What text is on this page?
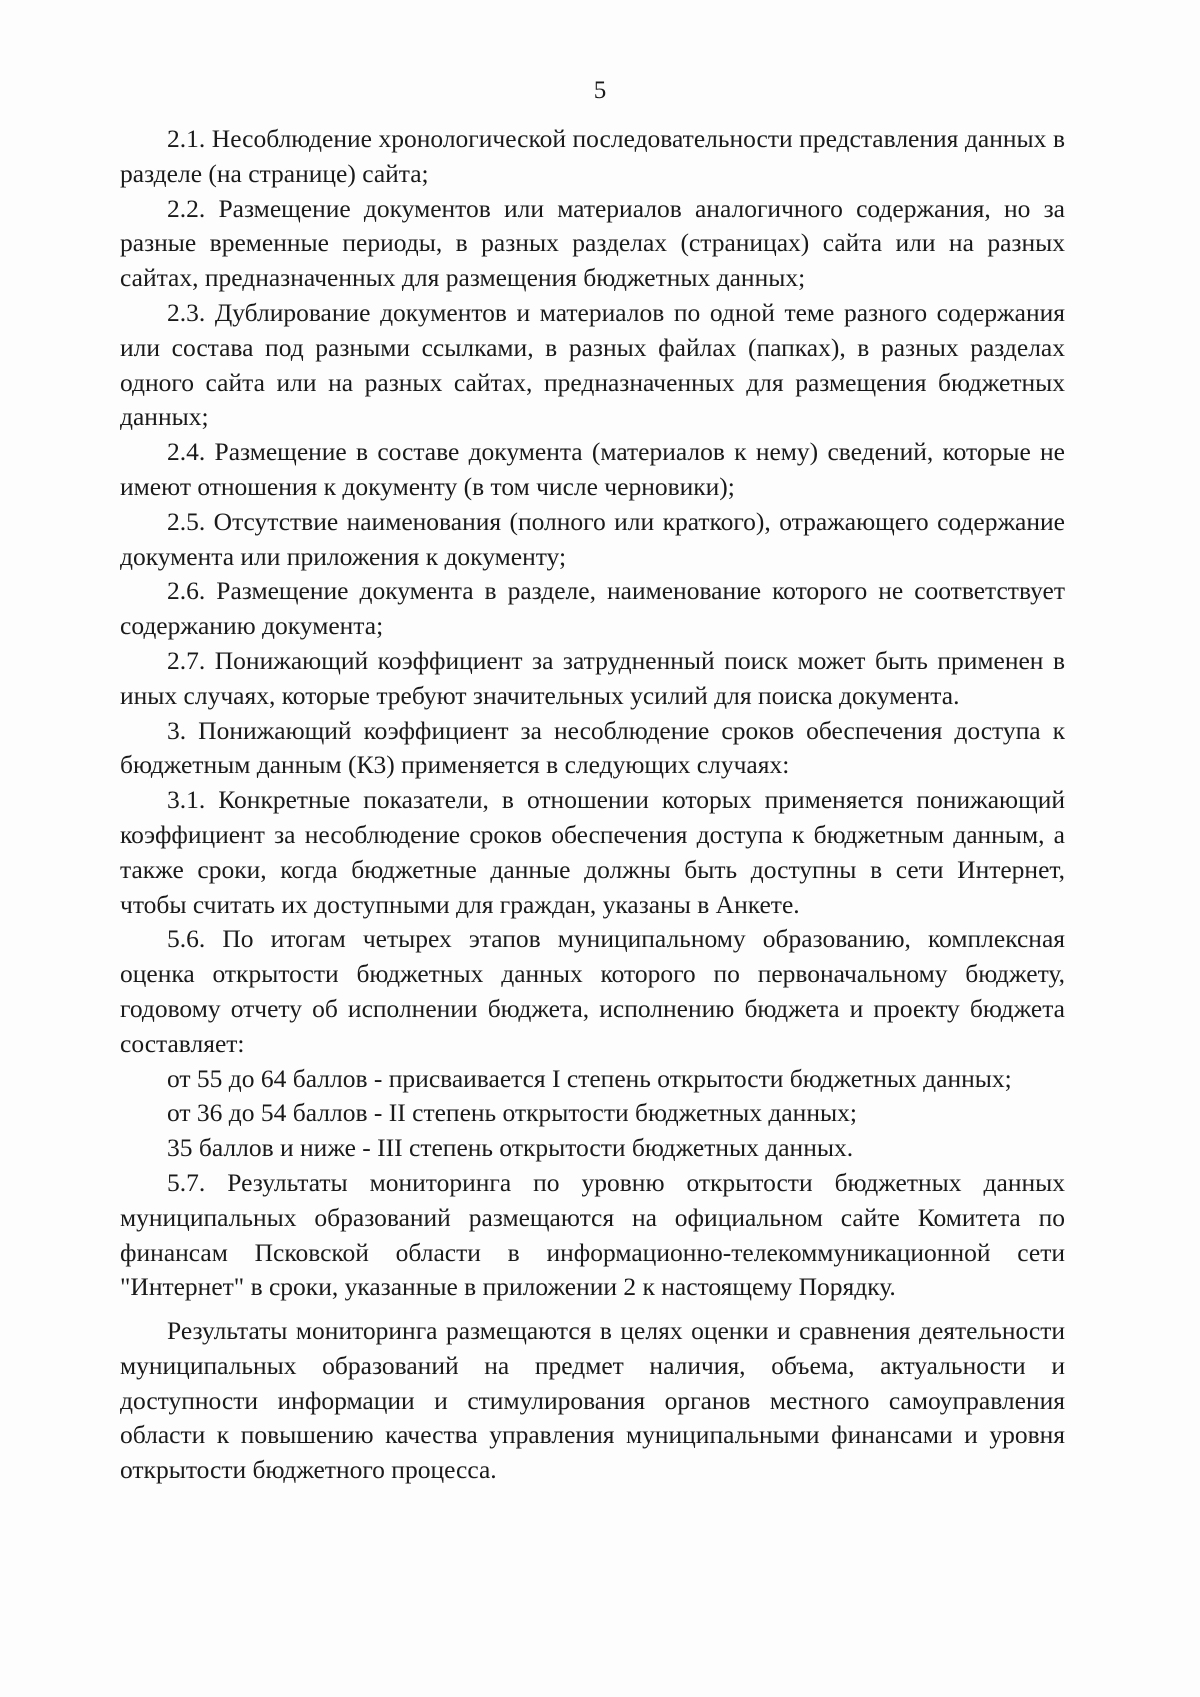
5

2.1. Несоблюдение хронологической последовательности представления данных в разделе (на странице) сайта;

2.2. Размещение документов или материалов аналогичного содержания, но за разные временные периоды, в разных разделах (страницах) сайта или на разных сайтах, предназначенных для размещения бюджетных данных;

2.3. Дублирование документов и материалов по одной теме разного содержания или состава под разными ссылками, в разных файлах (папках), в разных разделах одного сайта или на разных сайтах, предназначенных для размещения бюджетных данных;

2.4. Размещение в составе документа (материалов к нему) сведений, которые не имеют отношения к документу (в том числе черновики);

2.5. Отсутствие наименования (полного или краткого), отражающего содержание документа или приложения к документу;

2.6. Размещение документа в разделе, наименование которого не соответствует содержанию документа;

2.7. Понижающий коэффициент за затрудненный поиск может быть применен в иных случаях, которые требуют значительных усилий для поиска документа.

3. Понижающий коэффициент за несоблюдение сроков обеспечения доступа к бюджетным данным (К3) применяется в следующих случаях:

3.1. Конкретные показатели, в отношении которых применяется понижающий коэффициент за несоблюдение сроков обеспечения доступа к бюджетным данным, а также сроки, когда бюджетные данные должны быть доступны в сети Интернет, чтобы считать их доступными для граждан, указаны в Анкете.

5.6. По итогам четырех этапов муниципальному образованию, комплексная оценка открытости бюджетных данных которого по первоначальному бюджету, годовому отчету об исполнении бюджета, исполнению бюджета и проекту бюджета составляет:

от 55 до 64 баллов - присваивается I степень открытости бюджетных данных;

от 36 до 54 баллов - II степень открытости бюджетных данных;

35 баллов и ниже - III степень открытости бюджетных данных.

5.7. Результаты мониторинга по уровню открытости бюджетных данных муниципальных образований размещаются на официальном сайте Комитета по финансам Псковской области в информационно-телекоммуникационной сети "Интернет" в сроки, указанные в приложении 2 к настоящему Порядку.

Результаты мониторинга размещаются в целях оценки и сравнения деятельности муниципальных образований на предмет наличия, объема, актуальности и доступности информации и стимулирования органов местного самоуправления области к повышению качества управления муниципальными финансами и уровня открытости бюджетного процесса.
